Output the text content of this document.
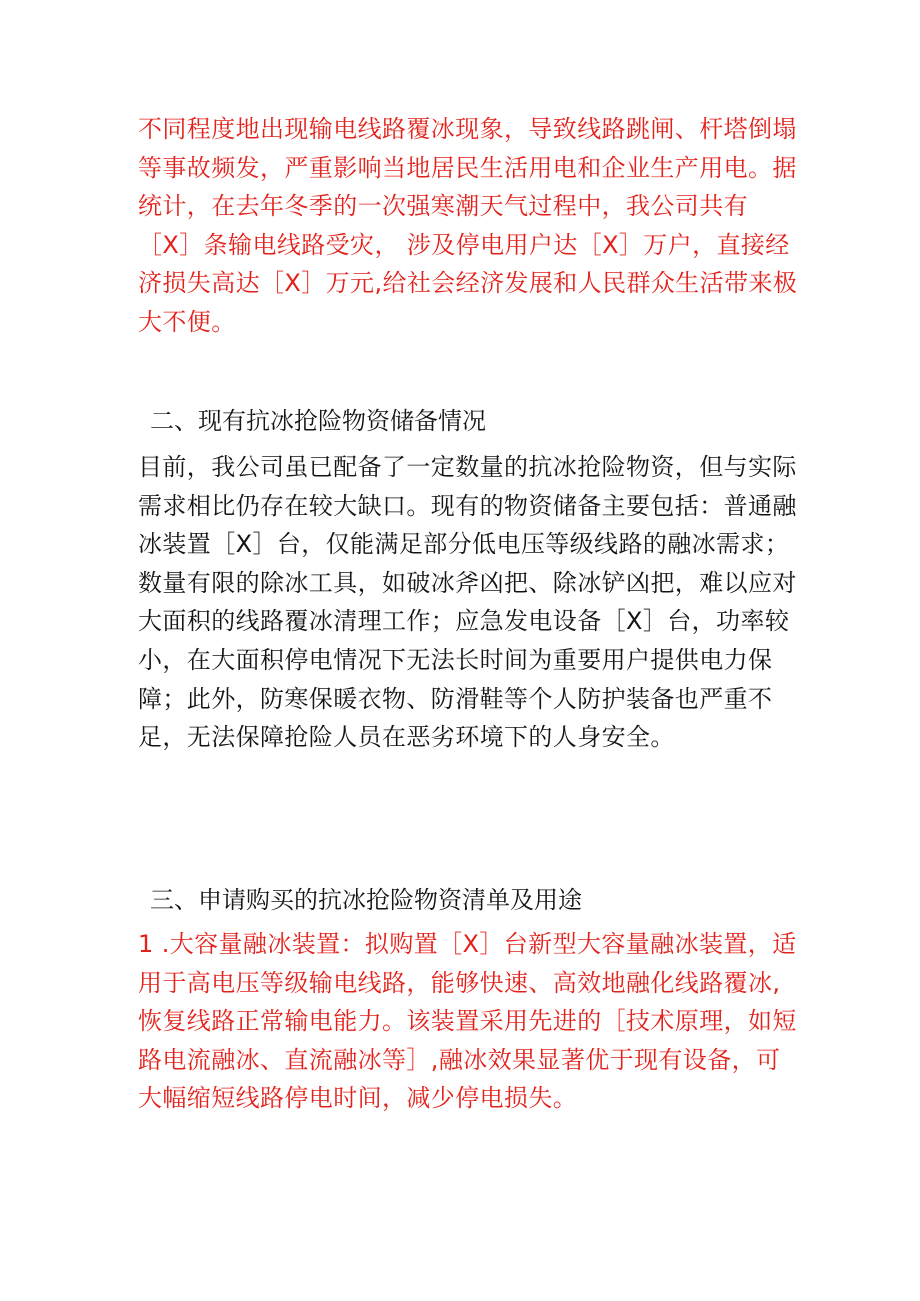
不同程度地出现输电线路覆冰现象，导致线路跳闸、杆塔倒塌等事故频发，严重影响当地居民生活用电和企业生产用电。据统计，在去年冬季的一次强寒潮天气过程中，我公司共有［X］条输电线路受灾， 涉及停电用户达［X］万户，直接经济损失高达［X］万元,给社会经济发展和人民群众生活带来极大不便。

二、现有抗冰抢险物资储备情况

目前，我公司虽已配备了一定数量的抗冰抢险物资，但与实际需求相比仍存在较大缺口。现有的物资储备主要包括：普通融冰装置［X］台，仅能满足部分低电压等级线路的融冰需求；数量有限的除冰工具，如破冰斧凶把、除冰铲凶把，难以应对大面积的线路覆冰清理工作；应急发电设备［X］台，功率较小，在大面积停电情况下无法长时间为重要用户提供电力保障；此外，防寒保暖衣物、防滑鞋等个人防护装备也严重不足，无法保障抢险人员在恶劣环境下的人身安全。

三、申请购买的抗冰抢险物资清单及用途

1 .大容量融冰装置：拟购置［X］台新型大容量融冰装置，适用于高电压等级输电线路，能够快速、高效地融化线路覆冰,恢复线路正常输电能力。该装置采用先进的［技术原理，如短路电流融冰、直流融冰等］,融冰效果显著优于现有设备，可大幅缩短线路停电时间，减少停电损失。
